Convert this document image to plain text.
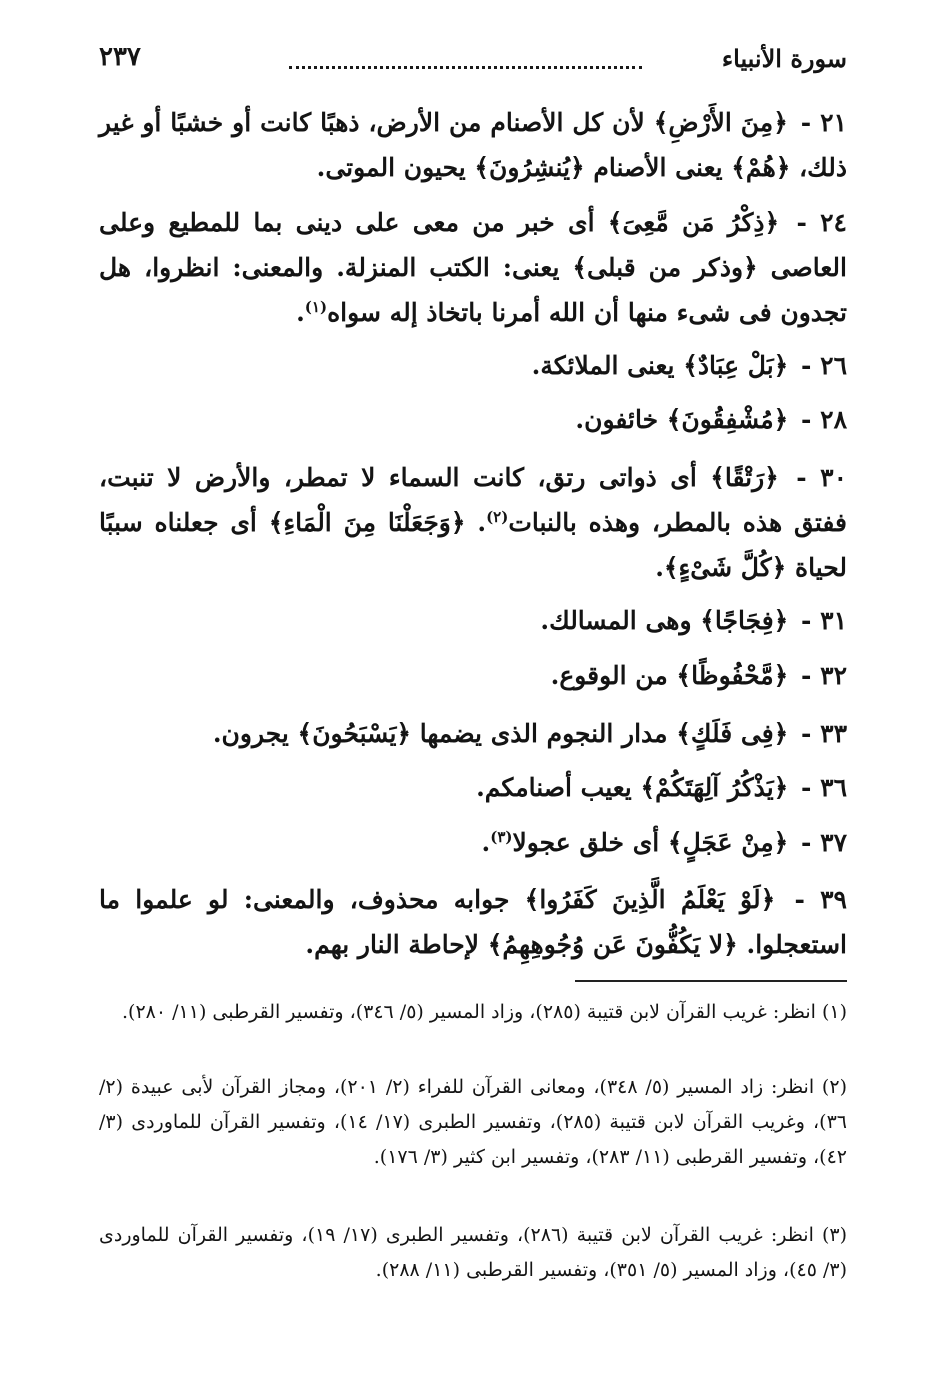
سورة الأنبياء
٢٣٧

٢١ - ﴿مِنَ الأَرْضِ﴾ لأن كل الأصنام من الأرض، ذهبًا كانت أو خشبًا أو غير ذلك، ﴿هُمْ﴾ يعنى الأصنام ﴿يُنشِرُونَ﴾ يحيون الموتى.

٢٤ - ﴿ذِكْرُ مَن مَّعِىَ﴾ أى خبر من معى على دينى بما للمطيع وعلى العاصى ﴿وذكر من قبلى﴾ يعنى: الكتب المنزلة. والمعنى: انظروا، هل تجدون فى شىء منها أن الله أمرنا باتخاذ إله سواه$^{(١)}$.

٢٦ - ﴿بَلْ عِبَادٌ﴾ يعنى الملائكة.

٢٨ - ﴿مُشْفِقُونَ﴾ خائفون.

٣٠ - ﴿رَتْقًا﴾ أى ذواتى رتق، كانت السماء لا تمطر، والأرض لا تنبت، ففتق هذه بالمطر، وهذه بالنبات$^{(٢)}$. ﴿وَجَعَلْنَا مِنَ الْمَاءِ﴾ أى جعلناه سببًا لحياة ﴿كُلَّ شَىْءٍ﴾.

٣١ - ﴿فِجَاجًا﴾ وهى المسالك.

٣٢ - ﴿مَّحْفُوظًا﴾ من الوقوع.

٣٣ - ﴿فِى فَلَكٍ﴾ مدار النجوم الذى يضمها ﴿يَسْبَحُونَ﴾ يجرون.

٣٦ - ﴿يَذْكُرُ آلِهَتَكُمْ﴾ يعيب أصنامكم.

٣٧ - ﴿مِنْ عَجَلٍ﴾ أى خلق عجولا$^{(٣)}$.

٣٩ - ﴿لَوْ يَعْلَمُ الَّذِينَ كَفَرُوا﴾ جوابه محذوف، والمعنى: لو علموا ما استعجلوا. ﴿لا يَكُفُّونَ عَن وُجُوهِهِمُ﴾ لإحاطة النار بهم.

(١) انظر: غريب القرآن لابن قتيبة (٢٨٥)، وزاد المسير (٥/ ٣٤٦)، وتفسير القرطبى (١١/ ٢٨٠).

(٢) انظر: زاد المسير (٥/ ٣٤٨)، ومعانى القرآن للفراء (٢/ ٢٠١)، ومجاز القرآن لأبى عبيدة (٢/ ٣٦)، وغريب القرآن لابن قتيبة (٢٨٥)، وتفسير الطبرى (١٧/ ١٤)، وتفسير القرآن للماوردى (٣/ ٤٢)، وتفسير القرطبى (١١/ ٢٨٣)، وتفسير ابن كثير (٣/ ١٧٦).

(٣) انظر: غريب القرآن لابن قتيبة (٢٨٦)، وتفسير الطبرى (١٧/ ١٩)، وتفسير القرآن للماوردى (٣/ ٤٥)، وزاد المسير (٥/ ٣٥١)، وتفسير القرطبى (١١/ ٢٨٨).
